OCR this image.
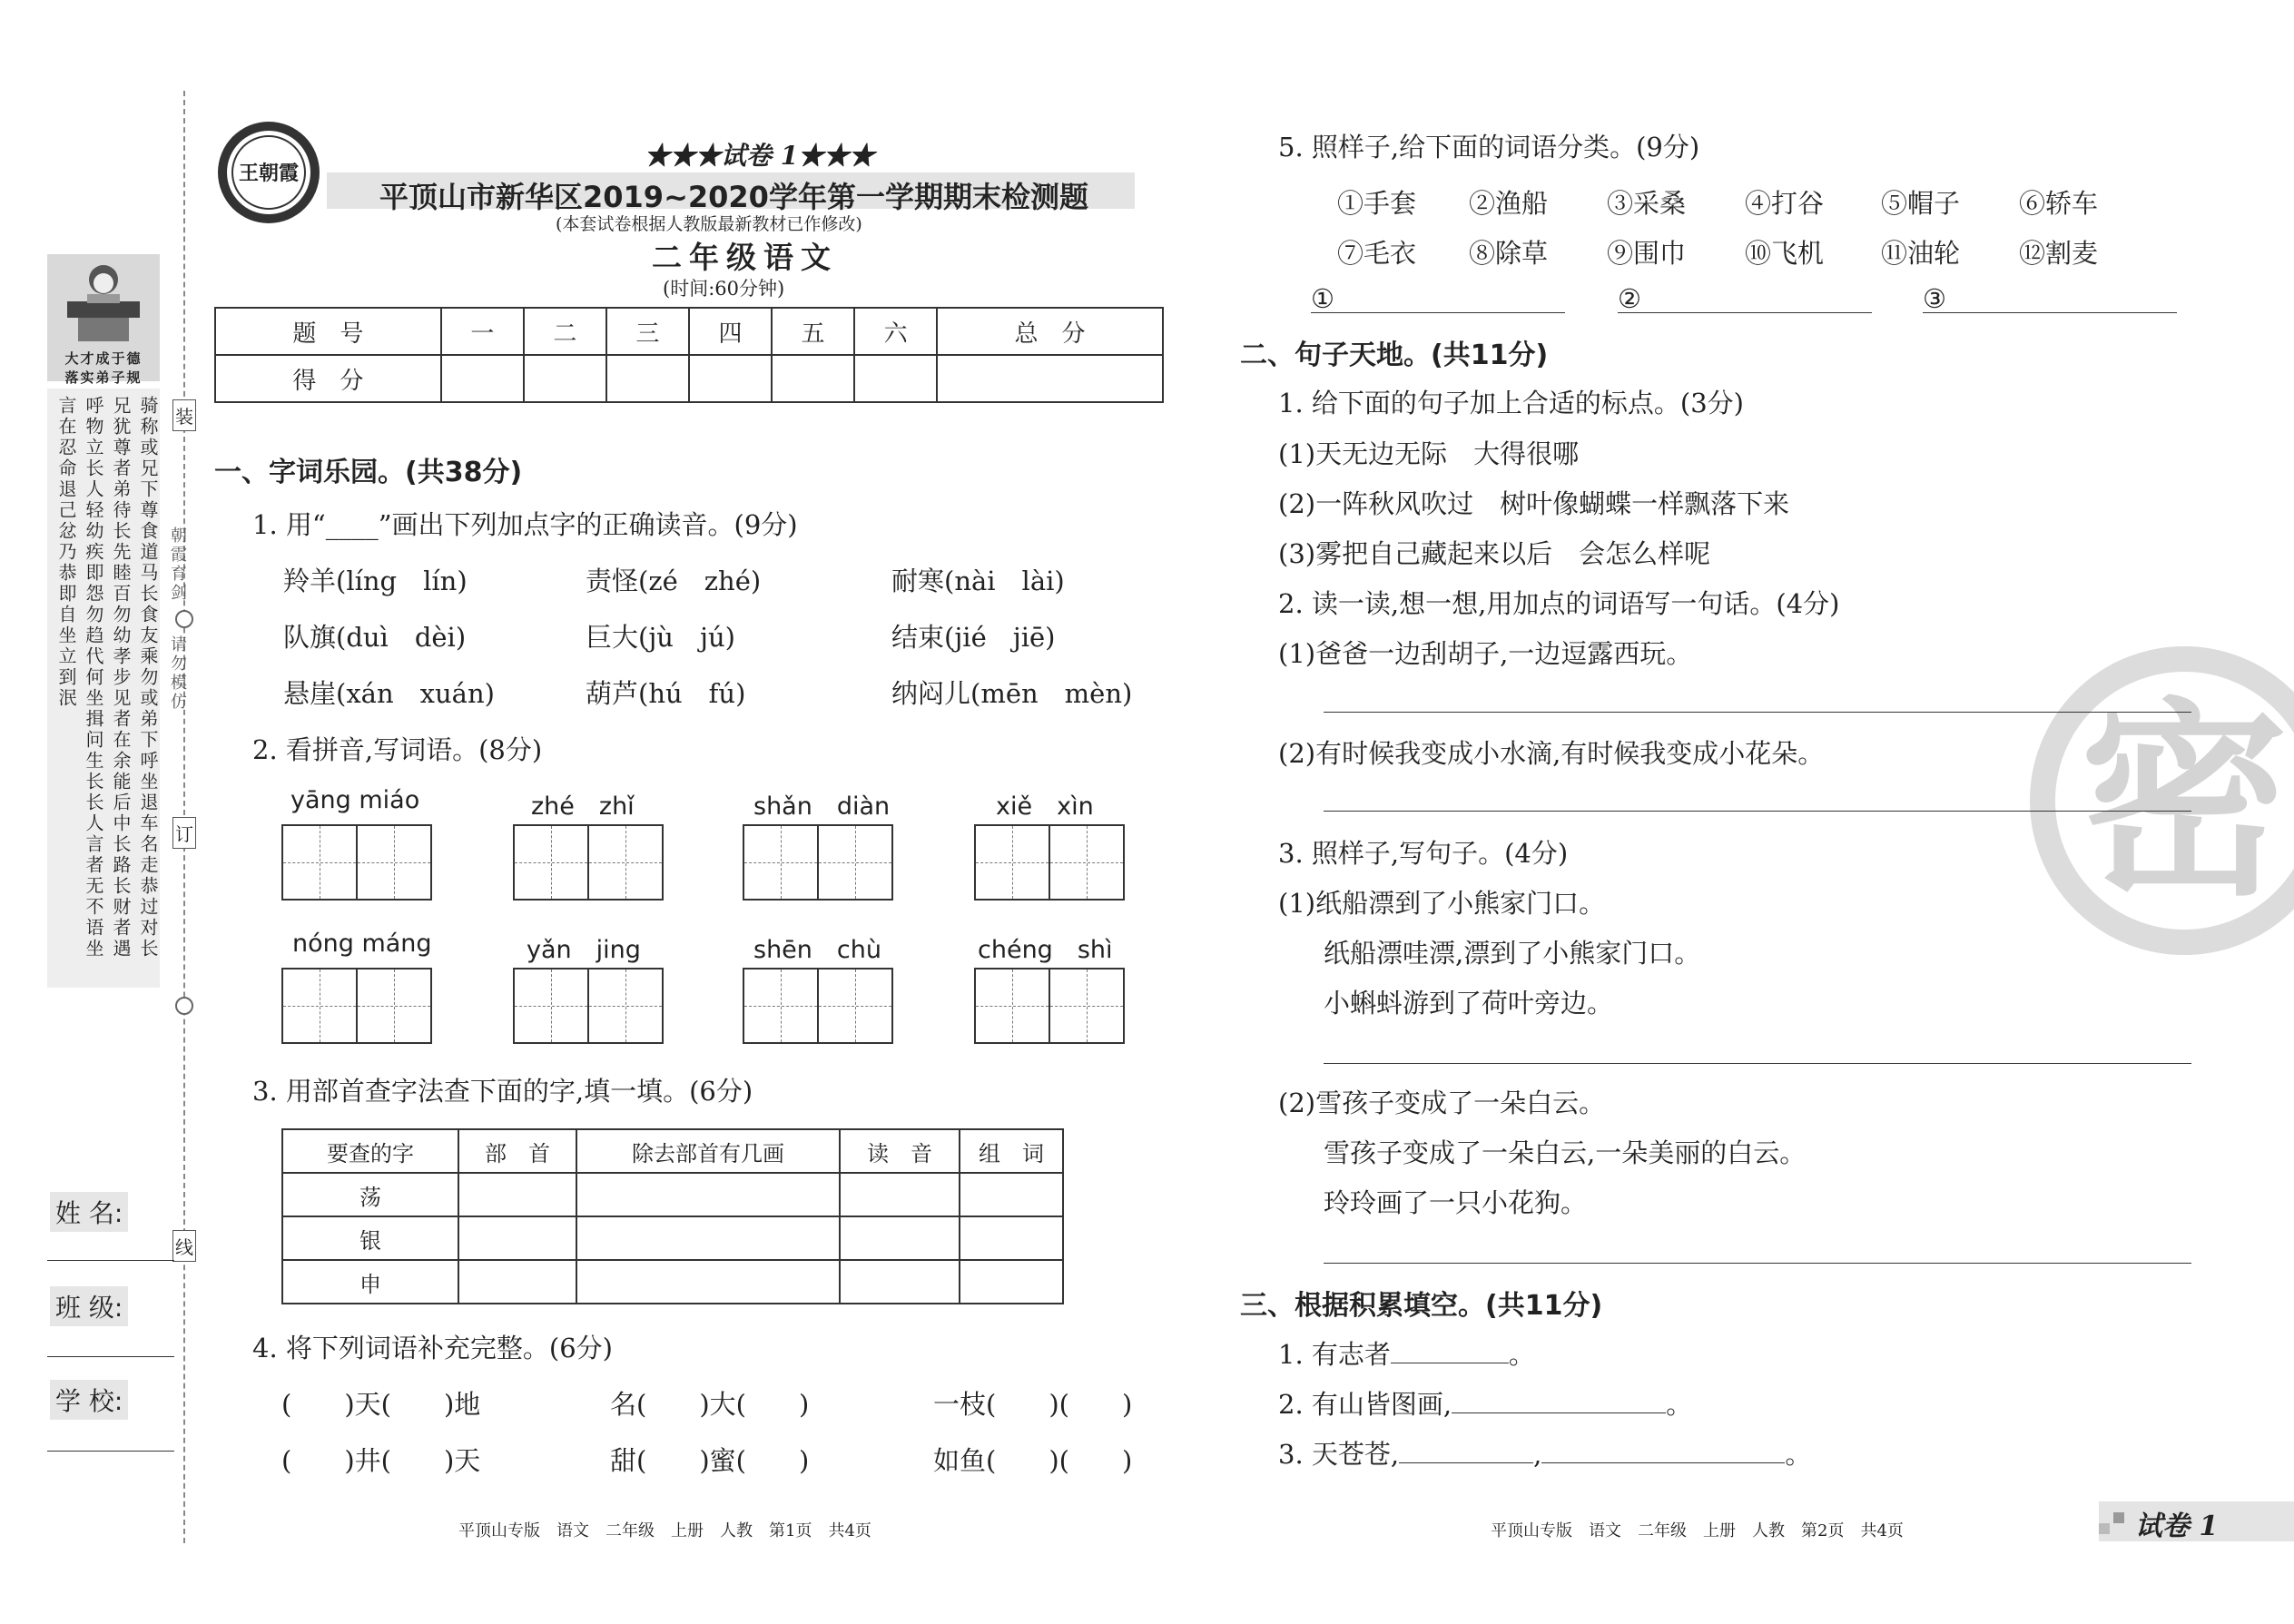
大才成于德
落实弟子规
骑称或兄下尊食道马长食友乘勿或弟下呼坐退车名走恭过对长兄犹尊者弟待长先睦百勿幼孝步见者在余能后中长路长财者遇呼物立长人轻幼疾即怨勿趋代何坐揖问生长长人言者无不语坐言在忍命退己忿乃恭即自坐立到泯	装
订
线
朝霞育剑
请勿模仿
姓 名:
班 级:
学 校:
王朝霞
★★★试卷 1★★★
平顶山市新华区2019~2020学年第一学期期末检测题
(本套试卷根据人教版最新教材已作修改)
二年级语文
(时间:60分钟)
题　号	一	二	三	四	五	六	总　分
得　分							
一、字词乐园。(共38分)
1. 用“____”画出下列加点字的正确读音。(9分)
羚羊(líng　lín)	责怪(zé　zhé)	耐寒(nài　lài)
队旗(duì　dèi)	巨大(jù　jú)	结束(jié　jiē)
悬崖(xán　xuán)	葫芦(hú　fú)	纳闷儿(mēn　mèn)
2. 看拼音,写词语。(8分)
yāng miáo	zhé　zhǐ	shǎn　diàn	xiě　xìn
nóng máng	yǎn　jing	shēn　chù	chéng　shì
3. 用部首查字法查下面的字,填一填。(6分)
要查的字	部　首	除去部首有几画	读　音	组　词
荡				
银				
申				
4. 将下列词语补充完整。(6分)
(　　)天(　　)地	名(　　)大(　　)	一枝(　　)(　　)
(　　)井(　　)天	甜(　　)蜜(　　)	如鱼(　　)(　　)
平顶山专版　语文　二年级　上册　人教　第1页　共4页
密
5. 照样子,给下面的词语分类。(9分)
①手套 ②渔船 ③采桑 ④打谷 ⑤帽子 ⑥轿车
⑦毛衣 ⑧除草 ⑨围巾 ⑩飞机 ⑪油轮 ⑫割麦
①	②	③
二、句子天地。(共11分)
1. 给下面的句子加上合适的标点。(3分)
(1)天无边无际　大得很哪
(2)一阵秋风吹过　树叶像蝴蝶一样飘落下来
(3)雾把自己藏起来以后　会怎么样呢
2. 读一读,想一想,用加点的词语写一句话。(4分)
(1)爸爸一边刮胡子,一边逗露西玩。
(2)有时候我变成小水滴,有时候我变成小花朵。
3. 照样子,写句子。(4分)
(1)纸船漂到了小熊家门口。
纸船漂哇漂,漂到了小熊家门口。
小蝌蚪游到了荷叶旁边。
(2)雪孩子变成了一朵白云。
雪孩子变成了一朵白云,一朵美丽的白云。
玲玲画了一只小花狗。
三、根据积累填空。(共11分)
1. 有志者	。
2. 有山皆图画,	。
3. 天苍苍,	,	。
平顶山专版　语文　二年级　上册　人教　第2页　共4页	试卷 1
